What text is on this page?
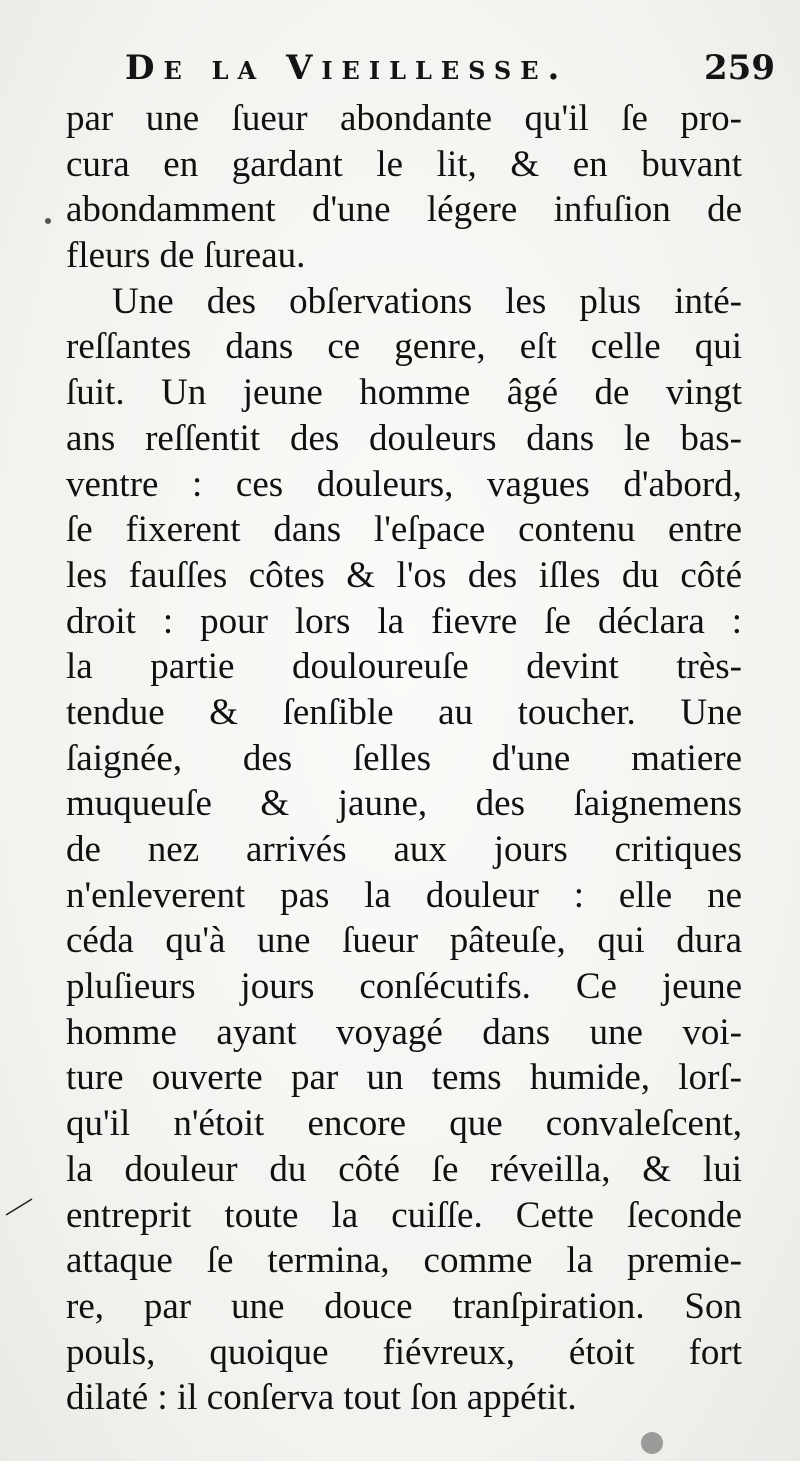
De la Vieillesse.	259
par une ſueur abondante qu'il ſe pro-
cura en gardant le lit, & en buvant
abondamment d'une légere infuſion de
fleurs de ſureau.
Une des obſervations les plus inté-
reſſantes dans ce genre, eſt celle qui
ſuit. Un jeune homme âgé de vingt
ans reſſentit des douleurs dans le bas-
ventre : ces douleurs, vagues d'abord,
ſe fixerent dans l'eſpace contenu entre
les fauſſes côtes & l'os des iſles du côté
droit : pour lors la fievre ſe déclara :
la partie douloureuſe devint très-
tendue & ſenſible au toucher. Une
ſaignée, des ſelles d'une matiere
muqueuſe & jaune, des ſaignemens
de nez arrivés aux jours critiques
n'enleverent pas la douleur : elle ne
céda qu'à une ſueur pâteuſe, qui dura
pluſieurs jours conſécutifs. Ce jeune
homme ayant voyagé dans une voi-
ture ouverte par un tems humide, lorſ-
qu'il n'étoit encore que convaleſcent,
la douleur du côté ſe réveilla, & lui
entreprit toute la cuiſſe. Cette ſeconde
attaque ſe termina, comme la premie-
re, par une douce tranſpiration. Son
pouls, quoique fiévreux, étoit fort
dilaté : il conſerva tout ſon appétit.
